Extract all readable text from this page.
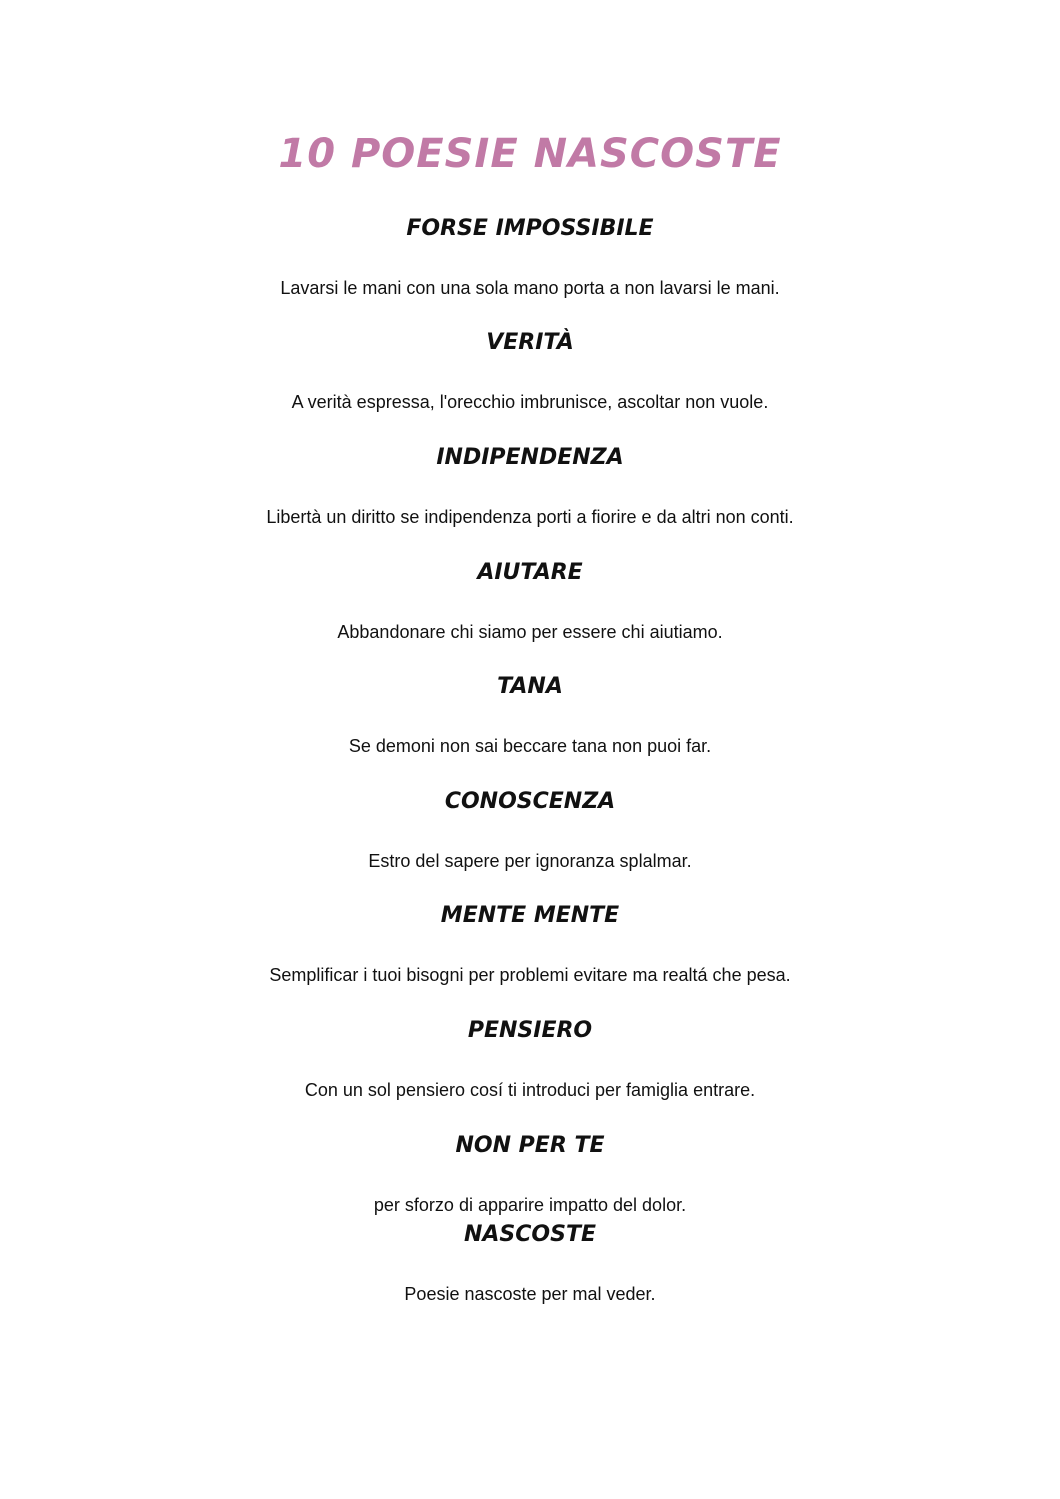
10 POESIE NASCOSTE
FORSE IMPOSSIBILE
Lavarsi le mani con una sola mano porta a non lavarsi le mani.
VERITÀ
A verità espressa, l'orecchio imbrunisce, ascoltar non vuole.
INDIPENDENZA
Libertà un diritto se indipendenza porti a fiorire e da altri non conti.
AIUTARE
Abbandonare chi siamo per essere chi aiutiamo.
TANA
Se demoni non sai beccare tana non puoi far.
CONOSCENZA
Estro del sapere per ignoranza splalmar.
MENTE MENTE
Semplificar i tuoi bisogni per problemi evitare ma realtá che pesa.
PENSIERO
Con un sol pensiero cosí ti introduci per famiglia entrare.
NON PER TE
per sforzo di apparire impatto del dolor.
NASCOSTE
Poesie nascoste per mal veder.
